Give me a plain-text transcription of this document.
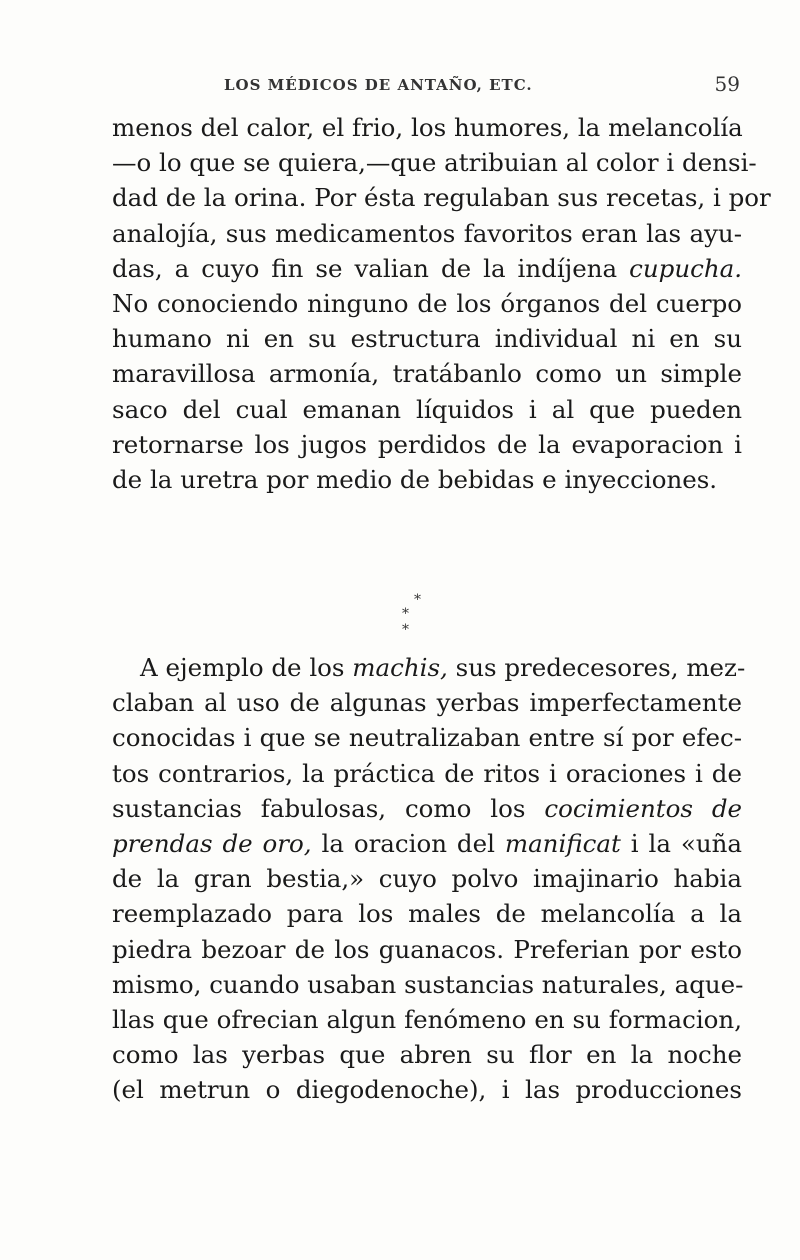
LOS MÉDICOS DE ANTAÑO, ETC.	59
menos del calor, el frio, los humores, la melancolía
—o lo que se quiera,—que atribuian al color i densi-
dad de la orina. Por ésta regulaban sus recetas, i por
analojía, sus medicamentos favoritos eran las ayu-
das, a cuyo fin se valian de la indíjena cupucha.
No conociendo ninguno de los órganos del cuerpo
humano ni en su estructura individual ni en su
maravillosa armonía, tratábanlo como un simple
saco del cual emanan líquidos i al que pueden
retornarse los jugos perdidos de la evaporacion i
de la uretra por medio de bebidas e inyecciones.
*
* *
A ejemplo de los machis, sus predecesores, mez-
claban al uso de algunas yerbas imperfectamente
conocidas i que se neutralizaban entre sí por efec-
tos contrarios, la práctica de ritos i oraciones i de
sustancias fabulosas, como los cocimientos de
prendas de oro, la oracion del manificat i la «uña
de la gran bestia,» cuyo polvo imajinario habia
reemplazado para los males de melancolía a la
piedra bezoar de los guanacos. Preferian por esto
mismo, cuando usaban sustancias naturales, aque-
llas que ofrecian algun fenómeno en su formacion,
como las yerbas que abren su flor en la noche
(el metrun o diegodenoche), i las producciones
